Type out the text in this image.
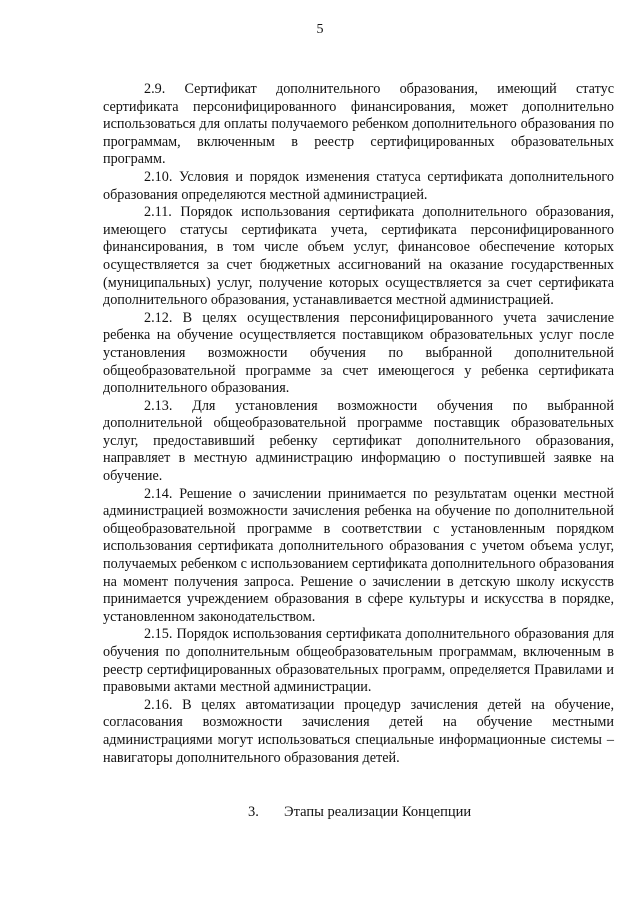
5

2.9. Сертификат дополнительного образования, имеющий статус сертификата персонифицированного финансирования, может дополнительно использоваться для оплаты получаемого ребенком дополнительного образования по программам, включенным в реестр сертифицированных образовательных программ.

2.10. Условия и порядок изменения статуса сертификата дополнительного образования определяются местной администрацией.

2.11. Порядок использования сертификата дополнительного образования, имеющего статусы сертификата учета, сертификата персонифицированного финансирования, в том числе объем услуг, финансовое обеспечение которых осуществляется за счет бюджетных ассигнований на оказание государственных (муниципальных) услуг, получение которых осуществляется за счет сертификата дополнительного образования, устанавливается местной администрацией.

2.12. В целях осуществления персонифицированного учета зачисление ребенка на обучение осуществляется поставщиком образовательных услуг после установления возможности обучения по выбранной дополнительной общеобразовательной программе за счет имеющегося у ребенка сертификата дополнительного образования.

2.13. Для установления возможности обучения по выбранной дополнительной общеобразовательной программе поставщик образовательных услуг, предоставивший ребенку сертификат дополнительного образования, направляет в местную администрацию информацию о поступившей заявке на обучение.

2.14. Решение о зачислении принимается по результатам оценки местной администрацией возможности зачисления ребенка на обучение по дополнительной общеобразовательной программе в соответствии с установленным порядком использования сертификата дополнительного образования с учетом объема услуг, получаемых ребенком с использованием сертификата дополнительного образования на момент получения запроса. Решение о зачислении в детскую школу искусств принимается учреждением образования в сфере культуры и искусства в порядке, установленном законодательством.

2.15. Порядок использования сертификата дополнительного образования для обучения по дополнительным общеобразовательным программам, включенным в реестр сертифицированных образовательных программ, определяется Правилами и правовыми актами местной администрации.

2.16. В целях автоматизации процедур зачисления детей на обучение, согласования возможности зачисления детей на обучение местными администрациями могут использоваться специальные информационные системы – навигаторы дополнительного образования детей.

3. Этапы реализации Концепции
